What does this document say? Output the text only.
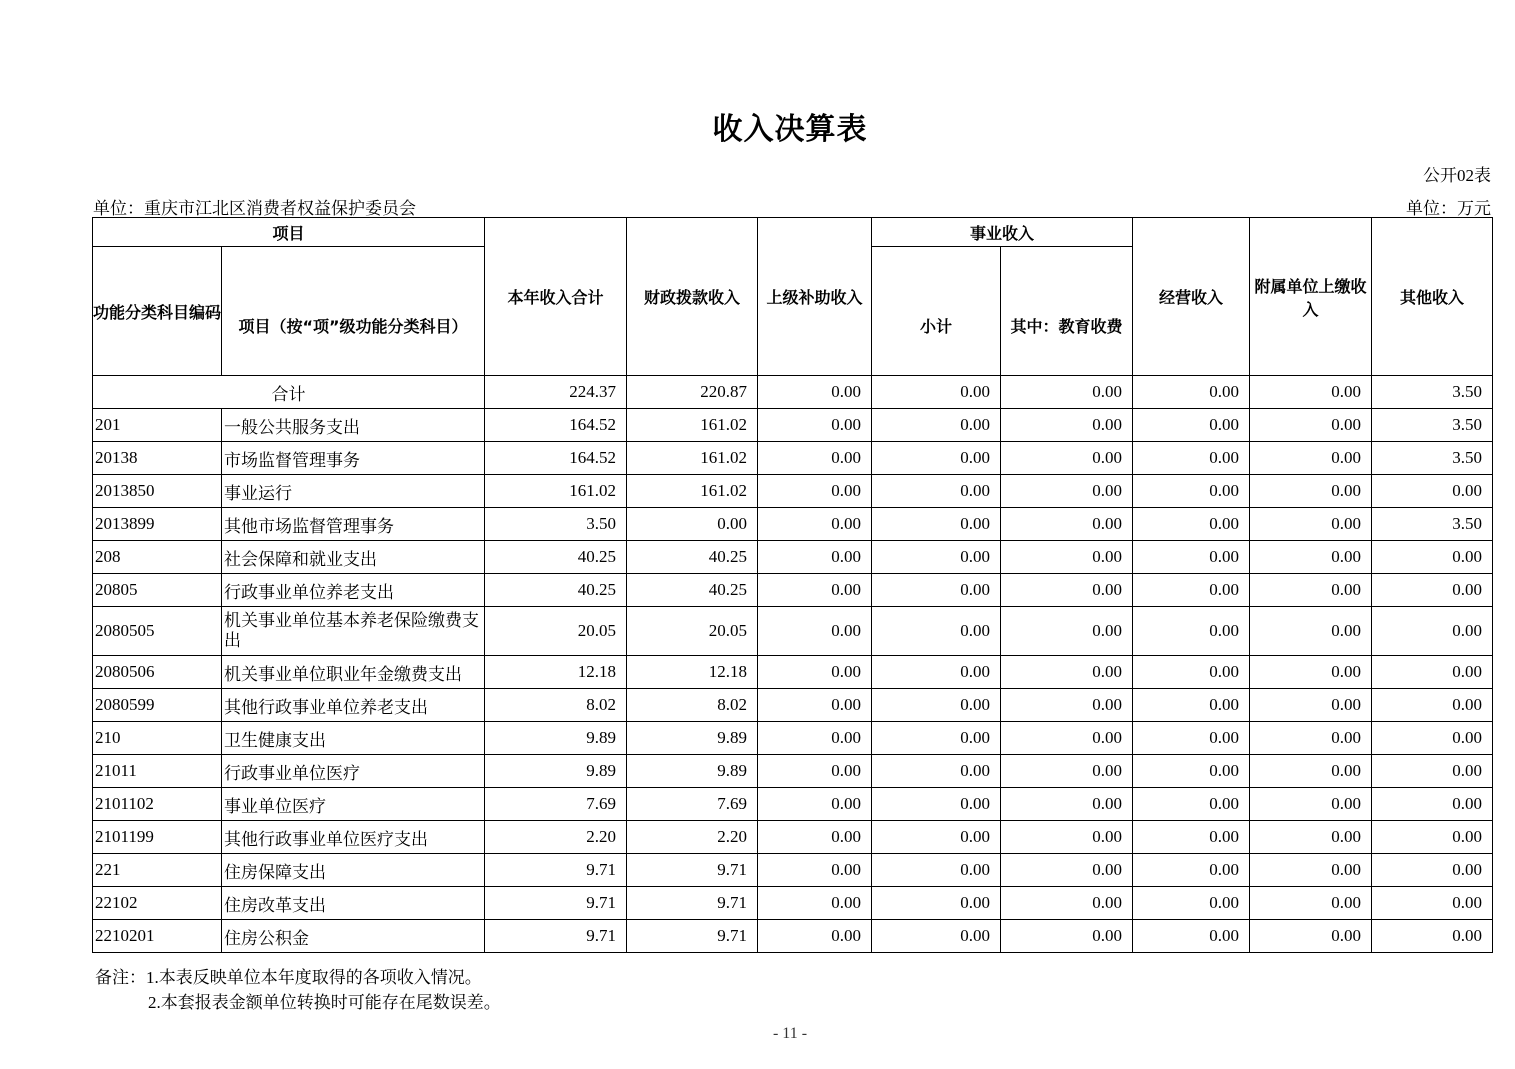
收入决算表
公开02表
单位：重庆市江北区消费者权益保护委员会	单位：万元
项目		本年收入合计	财政拨款收入	上级补助收入	事业收入		经营收入	附属单位上缴收入	其他收入
功能分类科目编码	项目（按“项”级功能分类科目）				小计	其中：教育收费			
合计		224.37	220.87	0.00	0.00	0.00	0.00	0.00	3.50
201	一般公共服务支出	164.52	161.02	0.00	0.00	0.00	0.00	0.00	3.50
20138	市场监督管理事务	164.52	161.02	0.00	0.00	0.00	0.00	0.00	3.50
2013850	事业运行	161.02	161.02	0.00	0.00	0.00	0.00	0.00	0.00
2013899	其他市场监督管理事务	3.50	0.00	0.00	0.00	0.00	0.00	0.00	3.50
208	社会保障和就业支出	40.25	40.25	0.00	0.00	0.00	0.00	0.00	0.00
20805	行政事业单位养老支出	40.25	40.25	0.00	0.00	0.00	0.00	0.00	0.00
2080505	机关事业单位基本养老保险缴费支出	20.05	20.05	0.00	0.00	0.00	0.00	0.00	0.00
2080506	机关事业单位职业年金缴费支出	12.18	12.18	0.00	0.00	0.00	0.00	0.00	0.00
2080599	其他行政事业单位养老支出	8.02	8.02	0.00	0.00	0.00	0.00	0.00	0.00
210	卫生健康支出	9.89	9.89	0.00	0.00	0.00	0.00	0.00	0.00
21011	行政事业单位医疗	9.89	9.89	0.00	0.00	0.00	0.00	0.00	0.00
2101102	事业单位医疗	7.69	7.69	0.00	0.00	0.00	0.00	0.00	0.00
2101199	其他行政事业单位医疗支出	2.20	2.20	0.00	0.00	0.00	0.00	0.00	0.00
221	住房保障支出	9.71	9.71	0.00	0.00	0.00	0.00	0.00	0.00
22102	住房改革支出	9.71	9.71	0.00	0.00	0.00	0.00	0.00	0.00
2210201	住房公积金	9.71	9.71	0.00	0.00	0.00	0.00	0.00	0.00
备注：1.本表反映单位本年度取得的各项收入情况。
2.本套报表金额单位转换时可能存在尾数误差。
- 11 -
